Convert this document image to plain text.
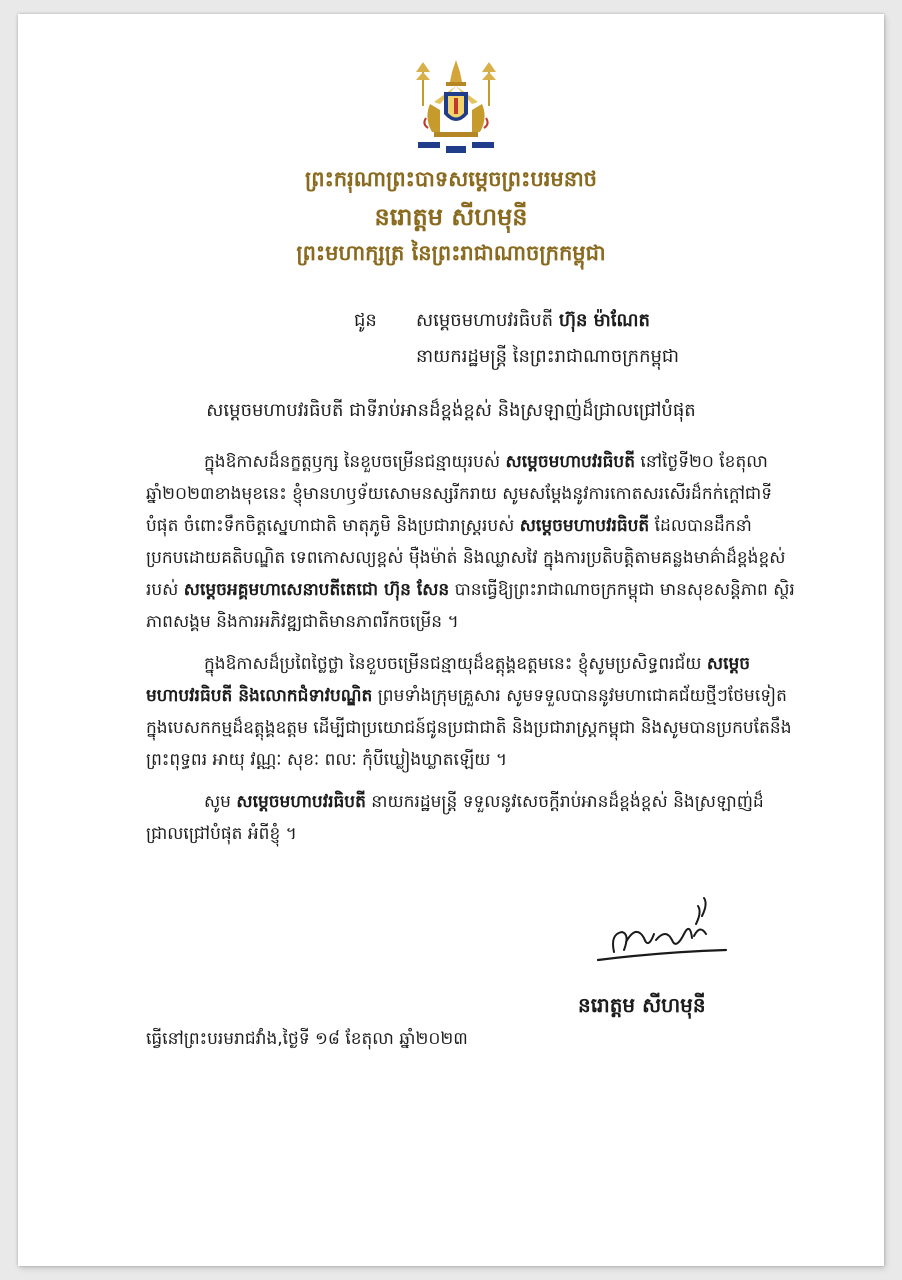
ព្រះករុណាព្រះបាទសម្តេចព្រះបរមនាថ
នរោត្តម សីហមុនី
ព្រះមហាក្សត្រ នៃព្រះរាជាណាចក្រកម្ពុជា
ជូន សម្តេចមហាបវរធិបតី ហ៊ុន ម៉ាណែត
នាយករដ្ឋមន្ត្រី នៃព្រះរាជាណាចក្រកម្ពុជា
សម្តេចមហាបវរធិបតី ជាទីរាប់អានដ៏ខ្ពង់ខ្ពស់ និងស្រឡាញ់ដ៏ជ្រាលជ្រៅបំផុត

ក្នុងឱកាសដ៏នក្ខត្តឫក្ស នៃខួបចម្រើនជន្មាយុរបស់ សម្តេចមហាបវរធិបតី នៅថ្ងៃទី២០ ខែតុលា ឆ្នាំ២០២៣ខាងមុខនេះ ខ្ញុំមានហឫទ័យសោមនស្សរីករាយ សូមសម្តែងនូវការកោតសរសើរដ៏កក់ក្តៅជាទីបំផុត ចំពោះទឹកចិត្តស្នេហាជាតិ មាតុភូមិ និងប្រជារាស្ត្ររបស់ សម្តេចមហាបវរធិបតី ដែលបានដឹកនាំប្រកបដោយគតិបណ្ឌិត ទេពកោសល្យខ្ពស់ ម៉ឺងម៉ាត់ និងឈ្លាសវៃ ក្នុងការប្រតិបត្តិតាមគន្លងមាគ៌ាដ៏ខ្ពង់ខ្ពស់របស់ សម្តេចអគ្គមហាសេនាបតីតេជោ ហ៊ុន សែន បានធ្វើឱ្យព្រះរាជាណាចក្រកម្ពុជា មានសុខសន្តិភាព ស្ថិរភាពសង្គម និងការអភិវឌ្ឍជាតិមានភាពរីកចម្រើន ។

ក្នុងឱកាសដ៏ប្រពៃថ្លៃថ្លា នៃខួបចម្រើនជន្មាយុដ៏ឧត្តុង្គឧត្តមនេះ ខ្ញុំសូមប្រសិទ្ធពរជ័យ សម្តេចមហាបវរធិបតី និងលោកជំទាវបណ្ឌិត ព្រមទាំងក្រុមគ្រួសារ សូមទទួលបាននូវមហាជោគជ័យថ្មីៗថែមទៀត ក្នុងបេសកកម្មដ៏ឧត្តុង្គឧត្តម ដើម្បីជាប្រយោជន៍ជូនប្រជាជាតិ និងប្រជារាស្ត្រកម្ពុជា និងសូមបានប្រកបតែនឹងព្រះពុទ្ធពរ អាយុ វណ្ណៈ សុខៈ ពលៈ កុំបីឃ្លៀងឃ្លាតឡើយ ។

សូម សម្តេចមហាបវរធិបតី នាយករដ្ឋមន្ត្រី ទទួលនូវសេចក្តីរាប់អានដ៏ខ្ពង់ខ្ពស់ និងស្រឡាញ់ដ៏ជ្រាលជ្រៅបំផុត អំពីខ្ញុំ ។

នរោត្តម សីហមុនី
ធ្វើនៅព្រះបរមរាជវាំង,ថ្ងៃទី ១៨ ខែតុលា ឆ្នាំ២០២៣
